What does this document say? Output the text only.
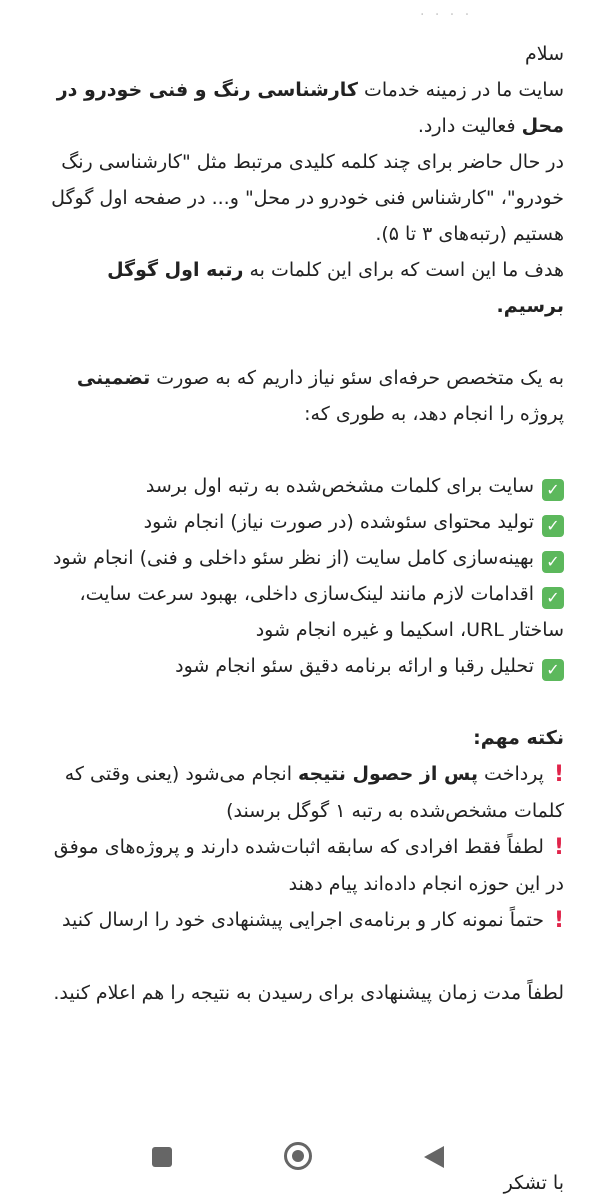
. . . .

سلام

سایت ما در زمینه خدمات کارشناسی رنگ و فنی خودرو در محل فعالیت دارد.

در حال حاضر برای چند کلمه کلیدی مرتبط مثل "کارشناسی رنگ خودرو"، "کارشناس فنی خودرو در محل" و... در صفحه اول گوگل هستیم (رتبه‌های ۳ تا ۵).

هدف ما این است که برای این کلمات به رتبه اول گوگل برسیم.

به یک متخصص حرفه‌ای سئو نیاز داریم که به صورت تضمینی پروژه را انجام دهد، به طوری که:

✓سایت برای کلمات مشخص‌شده به رتبه اول برسد

✓تولید محتوای سئوشده (در صورت نیاز) انجام شود

✓بهینه‌سازی کامل سایت (از نظر سئو داخلی و فنی) انجام شود

✓اقدامات لازم مانند لینک‌سازی داخلی، بهبود سرعت سایت، ساختار URL، اسکیما و غیره انجام شود

✓تحلیل رقبا و ارائه برنامه دقیق سئو انجام شود

نکته مهم:

!پرداخت پس از حصول نتیجه انجام می‌شود (یعنی وقتی که کلمات مشخص‌شده به رتبه ۱ گوگل برسند)

!لطفاً فقط افرادی که سابقه اثبات‌شده دارند و پروژه‌های موفق در این حوزه انجام داده‌اند پیام دهند

!حتماً نمونه کار و برنامه‌ی اجرایی پیشنهادی خود را ارسال کنید

لطفاً مدت زمان پیشنهادی برای رسیدن به نتیجه را هم اعلام کنید.

با تشکر
